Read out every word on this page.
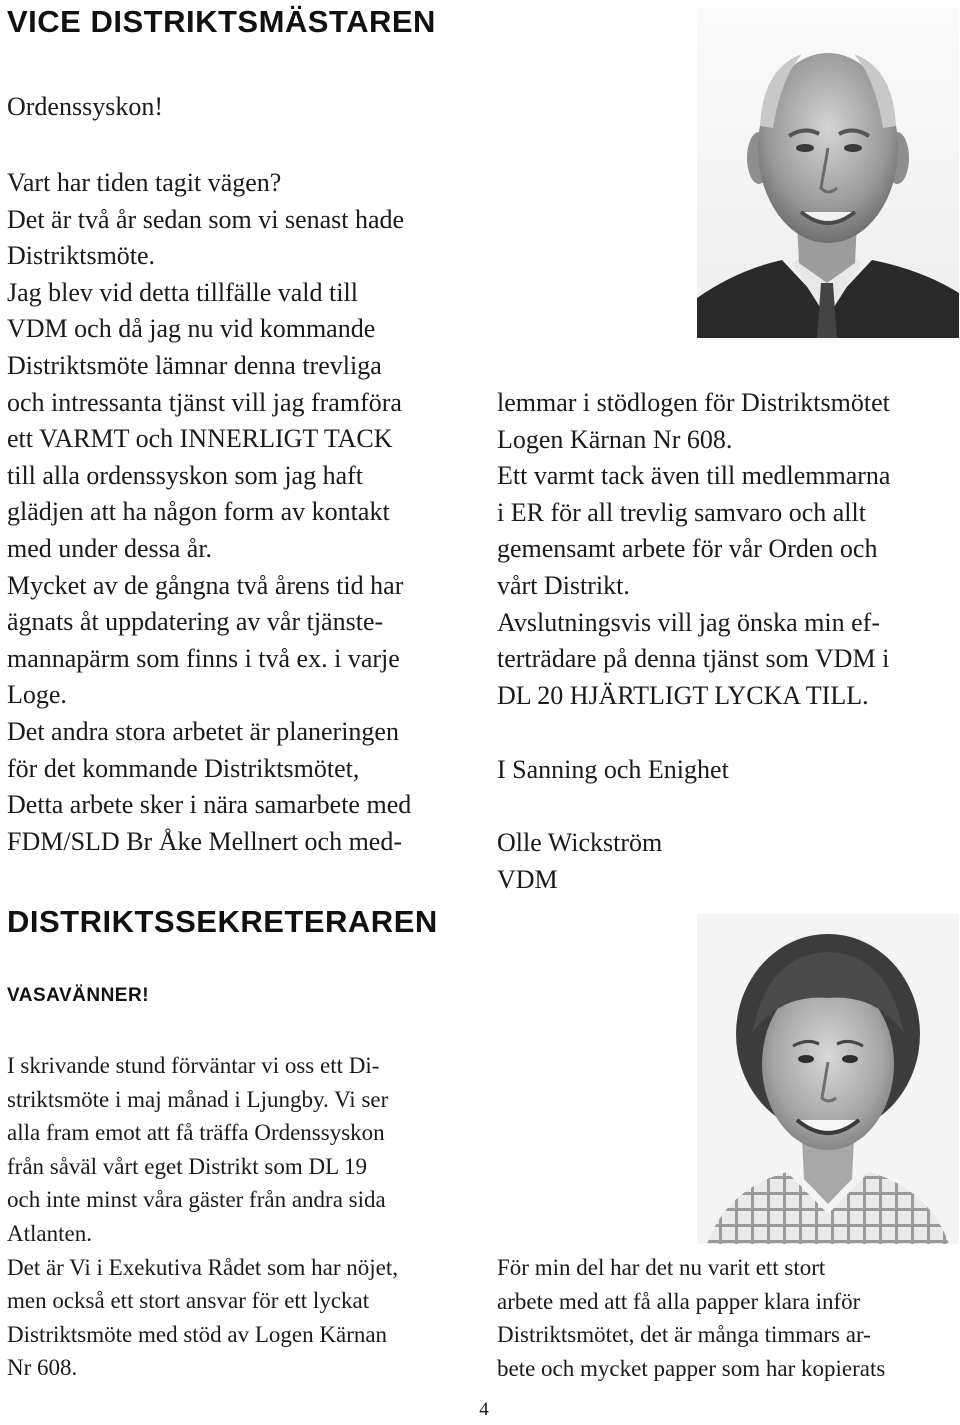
VICE DISTRIKTSMÄSTAREN
Ordenssyskon!
Vart har tiden tagit vägen?
Det är två år sedan som vi senast hade
Distriktsmöte.
Jag blev vid detta tillfälle vald till
VDM och då jag nu vid kommande
Distriktsmöte lämnar denna trevliga
och intressanta tjänst vill jag framföra
ett VARMT och INNERLIGT TACK
till alla ordenssyskon som jag haft
glädjen att ha någon form av kontakt
med under dessa år.
Mycket av de gångna två årens tid har
ägnats åt uppdatering av vår tjänste-
mannapärm som finns i två ex. i varje
Loge.
Det andra stora arbetet är planeringen
för det kommande Distriktsmötet,
Detta arbete sker i nära samarbete med
FDM/SLD Br Åke Mellnert och med-
lemmar i stödlogen för Distriktsmötet
Logen Kärnan Nr 608.
Ett varmt tack även till medlemmarna
i ER för all trevlig samvaro och allt
gemensamt arbete för vår Orden och
vårt Distrikt.
Avslutningsvis vill jag önska min ef-
terträdare på denna tjänst som VDM i
DL 20 HJÄRTLIGT LYCKA TILL.
I Sanning och Enighet
Olle Wickström
VDM
DISTRIKTSSEKRETERAREN
VASAVÄNNER!
I skrivande stund förväntar vi oss ett Di-
striktsmöte i maj månad i Ljungby. Vi ser
alla fram emot att få träffa Ordenssyskon
från såväl vårt eget Distrikt som DL 19
och inte minst våra gäster från andra sida
Atlanten.
Det är Vi i Exekutiva Rådet som har nöjet,
men också ett stort ansvar för ett lyckat
Distriktsmöte med stöd av Logen Kärnan
Nr 608.
För min del har det nu varit ett stort
arbete med att få alla papper klara inför
Distriktsmötet, det är många timmars ar-
bete och mycket papper som har kopierats
4
